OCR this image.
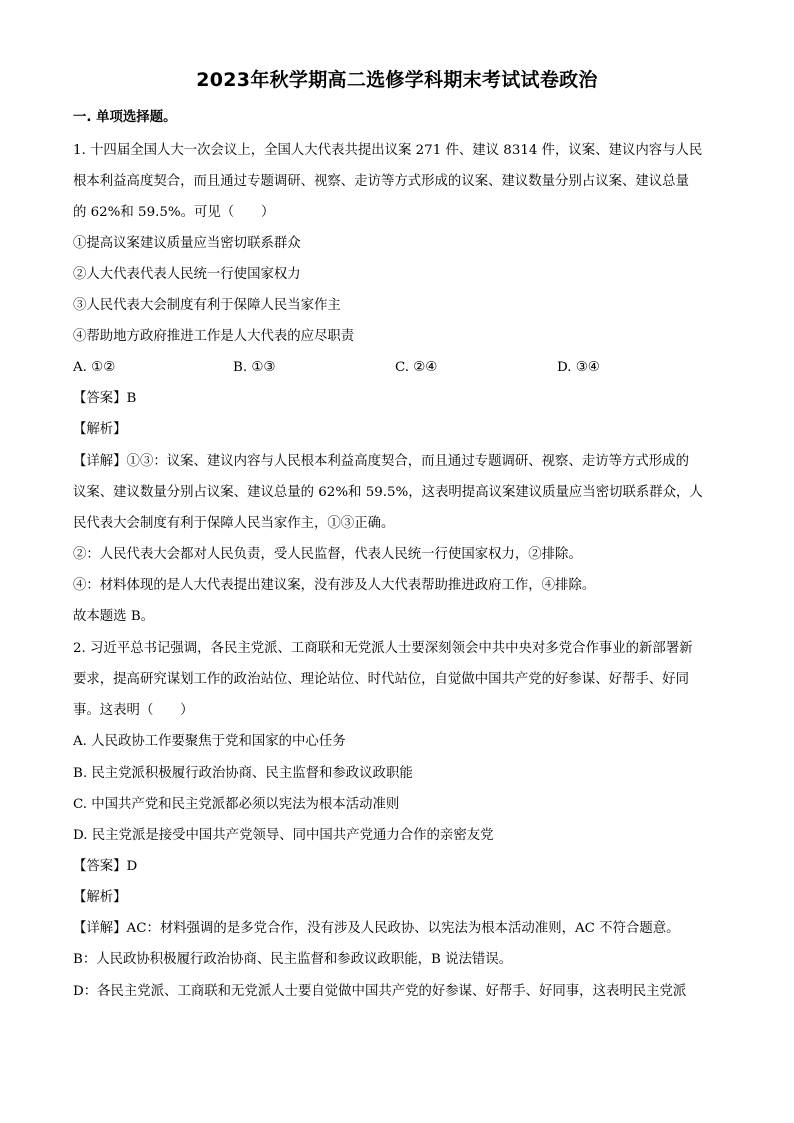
2023年秋学期高二选修学科期末考试试卷政治
一. 单项选择题。
1. 十四届全国人大一次会议上，全国人大代表共提出议案 271 件、建议 8314 件，议案、建议内容与人民
根本利益高度契合，而且通过专题调研、视察、走访等方式形成的议案、建议数量分别占议案、建议总量
的 62%和 59.5%。可见（　　）
①提高议案建议质量应当密切联系群众
②人大代表代表人民统一行使国家权力
③人民代表大会制度有利于保障人民当家作主
④帮助地方政府推进工作是人大代表的应尽职责
A. ①②	B. ①③	C. ②④	D. ③④
【答案】B
【解析】
【详解】①③：议案、建议内容与人民根本利益高度契合，而且通过专题调研、视察、走访等方式形成的
议案、建议数量分别占议案、建议总量的 62%和 59.5%，这表明提高议案建议质量应当密切联系群众，人
民代表大会制度有利于保障人民当家作主，①③正确。
②：人民代表大会都对人民负责，受人民监督，代表人民统一行使国家权力，②排除。
④：材料体现的是人大代表提出建议案，没有涉及人大代表帮助推进政府工作，④排除。
故本题选 B。
2. 习近平总书记强调，各民主党派、工商联和无党派人士要深刻领会中共中央对多党合作事业的新部署新
要求，提高研究谋划工作的政治站位、理论站位、时代站位，自觉做中国共产党的好参谋、好帮手、好同
事。这表明（　　）
A. 人民政协工作要聚焦于党和国家的中心任务
B. 民主党派积极履行政治协商、民主监督和参政议政职能
C. 中国共产党和民主党派都必须以宪法为根本活动准则
D. 民主党派是接受中国共产党领导、同中国共产党通力合作的亲密友党
【答案】D
【解析】
【详解】AC：材料强调的是多党合作，没有涉及人民政协、以宪法为根本活动准则，AC 不符合题意。
B：人民政协积极履行政治协商、民主监督和参政议政职能，B 说法错误。
D：各民主党派、工商联和无党派人士要自觉做中国共产党的好参谋、好帮手、好同事，这表明民主党派
